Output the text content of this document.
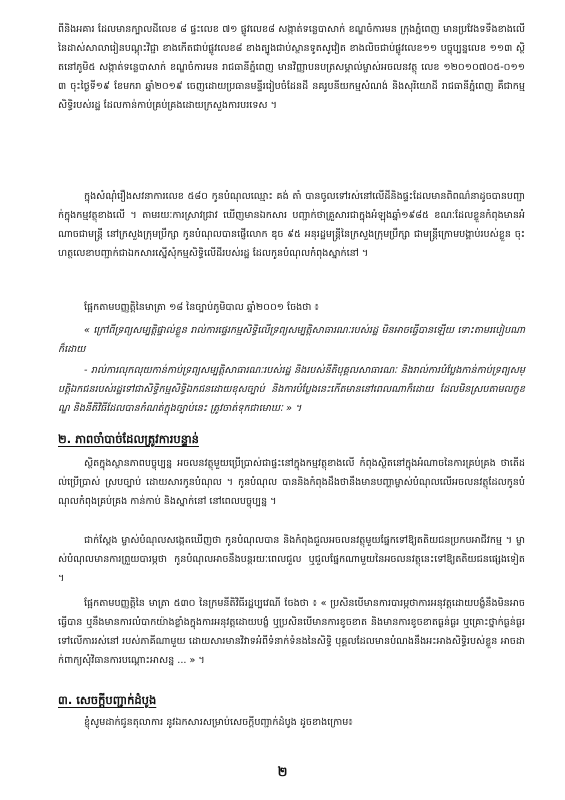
ពីនិងអគារ ដែលមានក្បាលដីលេខ ៨ ផ្ទះលេខ ៧១ ផ្លូវលេខ៨ សង្កាត់ទន្លេបាសាក់ ខណ្ឌចំការមន ក្រុងភ្នំពេញ មានប្រវែងទទឹងខាងលើនៃដាស់សាលារៀនបណ្ដុះវិជ្ជា ខាងកើតជាប់ផ្លូវលេខ៨ ខាងត្បូងជាប់ស្ថានទូតសូវៀត ខាងលិចជាប់ផ្លូវលេខ១១ បច្ចុប្បន្នលេខ ១១៣ ស្ថិតនៅភូមិ៥ សង្កាត់ទន្លេបាសាក់ ខណ្ឌចំការមន រាជធានីភ្នំពេញ មានវិញ្ញាបនបត្រសម្គាល់ម្ចាស់អចលនវត្ថុ លេខ ១២០១០៧០៥-០១១៣ ចុះថ្ងៃទី១៩ ខែមករា ឆ្នាំ២០១៩ ចេញដោយប្រធានមន្ទីររៀបចំដែនដី នគរូបនីយកម្មសំណង់ និងសុរិយោដី រាជធានីភ្នំពេញ គឺជាកម្មសិទ្ធិរបស់រដ្ឋ ដែលកាន់កាប់គ្រប់គ្រងដោយក្រសួងការបរទេស ។
ក្នុងសំណុំរឿងសវនាការលេខ ៥៨០ កូនបំណុលឈ្មោះ គង់ តាំ បានចូលទៅរស់នៅលើដីនិងផ្ទះដែលមានពិពណ៌នាដូចបានបញ្ជាក់ក្នុងកម្មវត្ថុខាងលើ ។ តាមរយៈការស្រាវជ្រាវ ឃើញមានឯកសារ បញ្ជាក់ថាគ្រួសារជាក្នុងអំឡុងឆ្នាំ១៩៨៥ ខណៈដែលខ្លួនកំពុងមានអំណាចជាមន្ត្រី នៅក្រសួងក្រុមប្រឹក្សា កូនបំណុលបានផ្ញើលោក ឌុច ៩៥ អនុរដ្ឋមន្ត្រីនៃក្រសួងក្រុមប្រឹក្សា ជាមន្ត្រីក្រោមបង្គាប់របស់ខ្លួន ចុះហត្ថលេខាបញ្ជាក់ជាឯកសារស្នើសុំកម្មសិទ្ធិលើដីរបស់រដ្ឋ ដែលកូនបំណុលកំពុងស្នាក់នៅ ។
ផ្អែកតាមបញ្ញត្តិនៃមាត្រា ១៨ នៃច្បាប់ភូមិបាល ឆ្នាំ២០០១ ចែងថា ៖
« ក្រៅពីទ្រព្យសម្បត្តិផ្ទាល់ខ្លួន រាល់ការផ្ទេរកម្មសិទ្ធិលើទ្រព្យសម្បត្តិសាធារណៈរបស់រដ្ឋ មិនអាចធ្វើបានឡើយ ទោះតាមរបៀបណាក៏ដោយ
- រាល់ការលុកលុយកាន់កាប់ទ្រព្យសម្បត្តិសាធារណៈរបស់រដ្ឋ និងរបស់នីតិបុគ្គលសាធារណៈ និងរាល់ការបំប្លែងកាន់កាប់ទ្រព្យសម្បត្តិឯកជនរបស់រដ្ឋទៅជាសិទ្ធិកម្មសិទ្ធិឯកជនដោយខុសច្បាប់ និងការបំប្លែងនេះកើតមាននៅពេលណាក៏ដោយ ដែលមិនស្របតាមលក្ខខណ្ឌ និងនីតិវិធីដែលបានកំណត់ក្នុងច្បាប់នេះ ត្រូវចាត់ទុកជាមោឃៈ » ។
២. ភាពចាំបាច់ដែលត្រូវការបន្ទាន់
ស្ថិតក្នុងស្ថានភាពបច្ចុប្បន្ន អចលនវត្ថុមួយប្រើប្រាស់ជាផ្ទះនៅក្នុងកម្មវត្ថុខាងលើ កំពុងស្ថិតនៅក្នុងអំណាចនៃការគ្រប់គ្រង ថាតើដល់ប្រើប្រាស់ ស្របច្បាប់ ដោយសារកូនបំណុល ។ កូនបំណុល បាននិងកំពុងដឹងថានឹងមានបញ្ហាម្ចាស់បំណុលលើអចលនវត្ថុដែលកូនបំណុលកំពុងគ្រប់គ្រង កាន់កាប់ និងស្នាក់នៅ នៅពេលបច្ចុប្បន្ន ។
ជាក់ស្ដែង ម្ចាស់បំណុលសង្កេតឃើញថា កូនបំណុលបាន និងកំពុងជួលអចលនវត្ថុមួយផ្នែកទៅឱ្យតតិយជនប្រកបអាជីវកម្ម ។ ម្ចាស់បំណុលមានការព្រួយបារម្ភថា កូនបំណុលអាចនឹងបន្តរយៈពេលជួល ឬជួលផ្នែកណាមួយនៃអចលនវត្ថុនេះទៅឱ្យតតិយជនផ្សេងទៀត ។
ផ្អែកតាមបញ្ញត្តិនៃ មាត្រា ៥៣០ នៃក្រមនីតិវិធីរដ្ឋប្បវេណី ចែងថា ៖ « ប្រសិនបើមានការបារម្ភថាការអនុវត្តដោយបង្ខំនឹងមិនអាចធ្វើបាន ឬនឹងមានការលំបាកយ៉ាងខ្លាំងក្នុងការអនុវត្តដោយបង្ខំ ឬប្រសិនបើមានការខូចខាត និងមានការខូចខាតធ្ងន់ធ្ងរ ឬគ្រោះថ្នាក់ធ្ងន់ធ្ងរទៅលើការរស់នៅ របស់ភាគីណាមួយ ដោយសារមានវិវាទអំពីទំនាក់ទំនងនៃសិទ្ធិ បុគ្គលដែលមានបំណងនឹងអះអាងសិទ្ធិរបស់ខ្លួន អាចដាក់ពាក្យសុំវិធានការបណ្ដោះអាសន្ន ... » ។
៣. សេចក្ដីបញ្ជាក់ដំបូង
ខ្ញុំសូមដាក់ជូនតុលាការ នូវឯកសារសម្រាប់សេចក្ដីបញ្ជាក់ដំបូង ដូចខាងក្រោម៖
២
